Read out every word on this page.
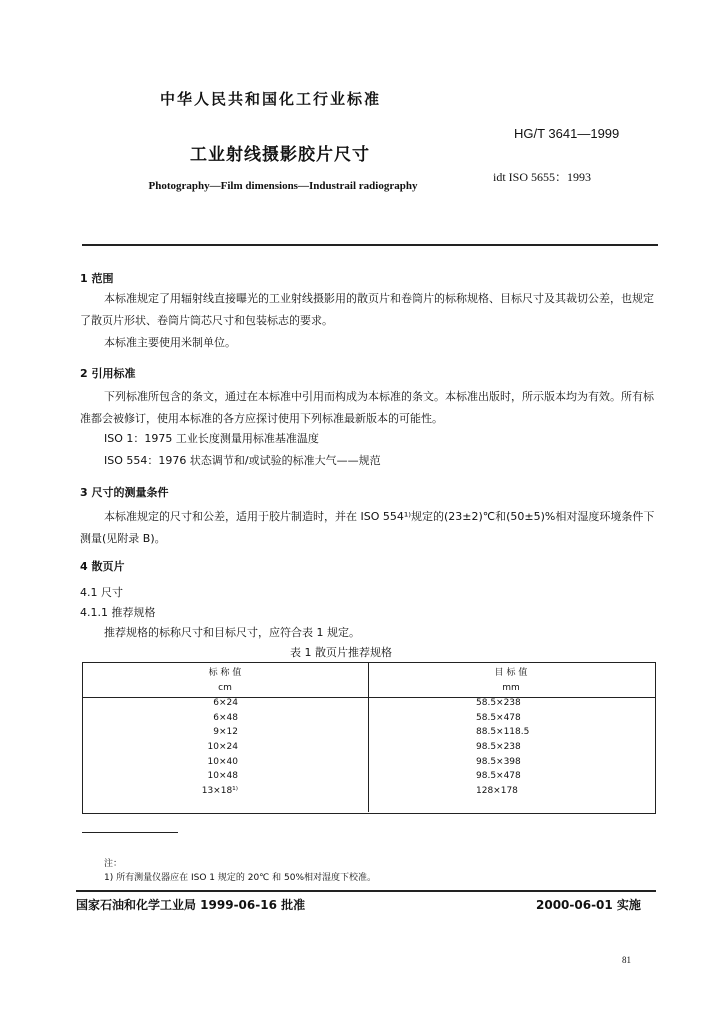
中华人民共和国化工行业标准
HG/T 3641—1999
工业射线摄影胶片尺寸
idt ISO 5655：1993
Photography—Film dimensions—Industrail radiography
1 范围
本标准规定了用辐射线直接曝光的工业射线摄影用的散页片和卷筒片的标称规格、目标尺寸及其裁切公差，也规定了散页片形状、卷筒片筒芯尺寸和包装标志的要求。
本标准主要使用米制单位。
2 引用标准
下列标准所包含的条文，通过在本标准中引用而构成为本标准的条文。本标准出版时，所示版本均为有效。所有标准都会被修订，使用本标准的各方应探讨使用下列标准最新版本的可能性。
ISO 1：1975 工业长度测量用标准基准温度
ISO 554：1976 状态调节和/或试验的标准大气——规范
3 尺寸的测量条件
本标准规定的尺寸和公差，适用于胶片制造时，并在 ISO 554¹⁾规定的(23±2)℃和(50±5)%相对湿度环境条件下测量(见附录 B)。
4 散页片
4.1 尺寸
4.1.1 推荐规格
推荐规格的标称尺寸和目标尺寸，应符合表 1 规定。
表 1 散页片推荐规格
标 称 值	目 标 值
cm	mm
6×24	58.5×238
6×48	58.5×478
9×12	88.5×118.5
10×24	98.5×238
10×40	98.5×398
10×48	98.5×478
13×18¹⁾	128×178
注：
1) 所有测量仪器应在 ISO 1 规定的 20℃ 和 50%相对湿度下校准。
国家石油和化学工业局 1999-06-16 批准	2000-06-01 实施
81
